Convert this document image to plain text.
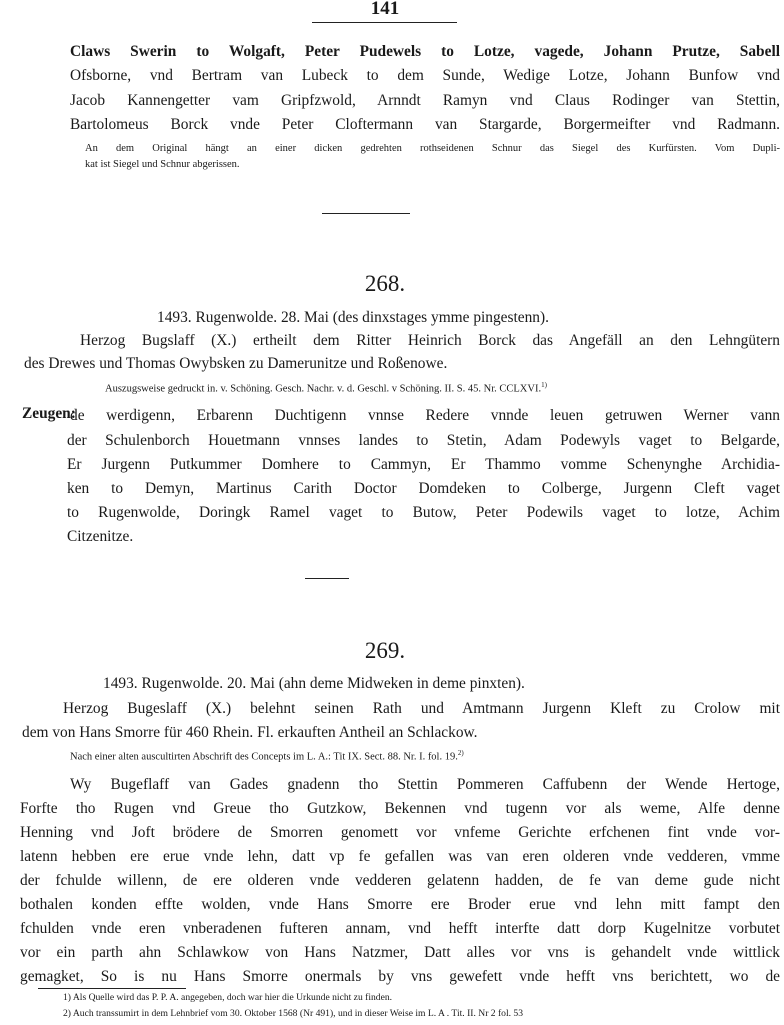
141
Claws Swerin to Wolgaft, Peter Pudewels to Lotze, vagede, Johann Prutze, Sabell
Ofsborne, vnd Bertram van Lubeck to dem Sunde, Wedige Lotze, Johann Bunfow vnd
Jacob Kannengetter vam Gripfzwold, Arnndt Ramyn vnd Claus Rodinger van Stettin,
Bartolomeus Borck vnde Peter Cloftermann van Stargarde, Borgermeifter vnd Radmann.
An dem Original hängt an einer dicken gedrehten rothseidenen Schnur das Siegel des Kurfürsten. Vom Dupli-
kat ist Siegel und Schnur abgerissen.
268.
1493. Rugenwolde. 28. Mai (des dinxstages ymme pingestenn).
Herzog Bugslaff (X.) ertheilt dem Ritter Heinrich Borck das Angefäll an den Lehngütern
des Drewes und Thomas Owybsken zu Damerunitze und Roßenowe.
Auszugsweise gedruckt in. v. Schöning. Gesch. Nachr. v. d. Geschl. v Schöning. II. S. 45. Nr. CCLXVI.$^{1)}$
Zeugen:
de werdigenn, Erbarenn Duchtigenn vnnse Redere vnnde leuen getruwen Werner vann
der Schulenborch Houetmann vnnses landes to Stetin, Adam Podewyls vaget to Belgarde,
Er Jurgenn Putkummer Domhere to Cammyn, Er Thammo vomme Schenynghe Archidia-
ken to Demyn, Martinus Carith Doctor Domdeken to Colberge, Jurgenn Cleft vaget
to Rugenwolde, Doringk Ramel vaget to Butow, Peter Podewils vaget to lotze, Achim
Citzenitze.
269.
1493. Rugenwolde. 20. Mai (ahn deme Midweken in deme pinxten).
Herzog Bugeslaff (X.) belehnt seinen Rath und Amtmann Jurgenn Kleft zu Crolow mit
dem von Hans Smorre für 460 Rhein. Fl. erkauften Antheil an Schlackow.
Nach einer alten auscultirten Abschrift des Concepts im L. A.: Tit IX. Sect. 88. Nr. I. fol. 19.$^{2)}$
Wy Bugeflaff van Gades gnadenn tho Stettin Pommeren Caffubenn der Wende Hertoge,
Forfte tho Rugen vnd Greue tho Gutzkow, Bekennen vnd tugenn vor als weme, Alfe denne
Henning vnd Joft brödere de Smorren genomett vor vnfeme Gerichte erfchenen fint vnde vor-
latenn hebben ere erue vnde lehn, datt vp fe gefallen was van eren olderen vnde vedderen, vmme
der fchulde willenn, de ere olderen vnde vedderen gelatenn hadden, de fe van deme gude nicht
bothalen konden effte wolden, vnde Hans Smorre ere Broder erue vnd lehn mitt fampt den
fchulden vnde eren vnberadenen fufteren annam, vnd hefft interfte datt dorp Kugelnitze vorbutet
vor ein parth ahn Schlawkow von Hans Natzmer, Datt alles vor vns is gehandelt vnde wittlick
gemagket, So is nu Hans Smorre onermals by vns gewefett vnde hefft vns berichtett, wo de
1) Als Quelle wird das P. P. A. angegeben, doch war hier die Urkunde nicht zu finden.
2) Auch transsumirt in dem Lehnbrief vom 30. Oktober 1568 (Nr 491), und in dieser Weise im L. A . Tit. II. Nr 2 fol. 53
